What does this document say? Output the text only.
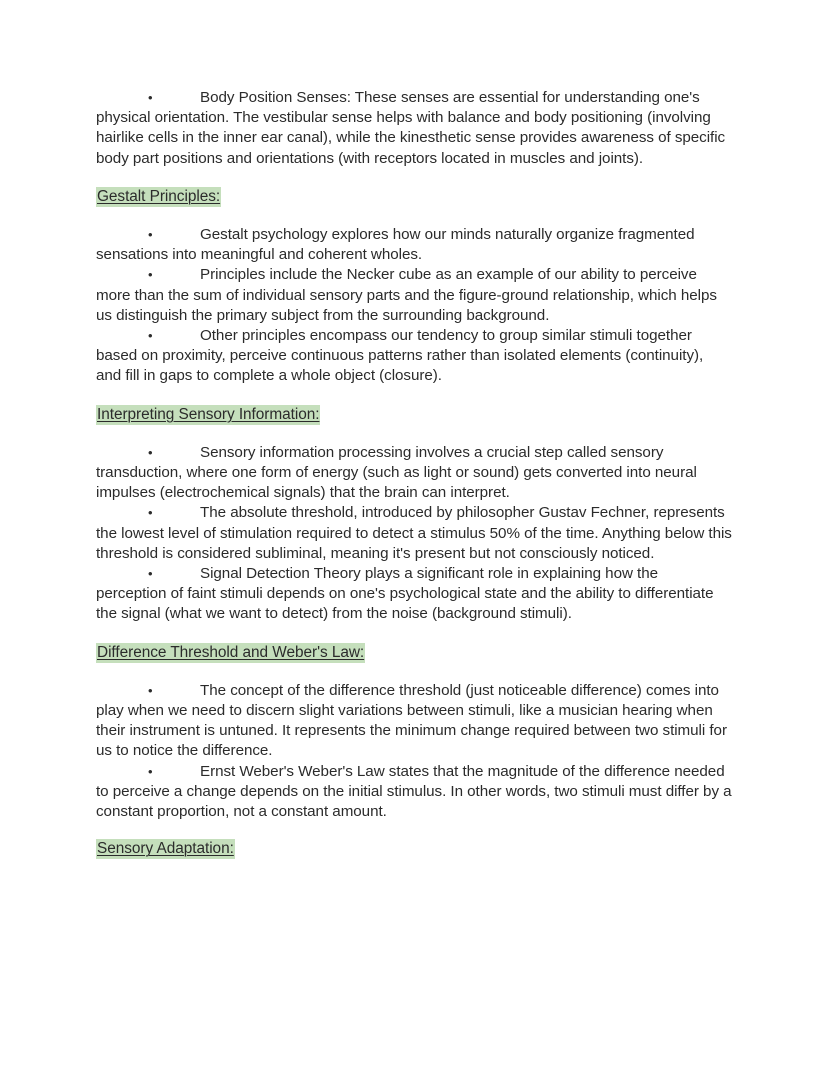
•	Body Position Senses: These senses are essential for understanding one's physical orientation. The vestibular sense helps with balance and body positioning (involving hairlike cells in the inner ear canal), while the kinesthetic sense provides awareness of specific body part positions and orientations (with receptors located in muscles and joints).

Gestalt Principles:

•	Gestalt psychology explores how our minds naturally organize fragmented sensations into meaningful and coherent wholes.

•	Principles include the Necker cube as an example of our ability to perceive more than the sum of individual sensory parts and the figure-ground relationship, which helps us distinguish the primary subject from the surrounding background.

•	Other principles encompass our tendency to group similar stimuli together based on proximity, perceive continuous patterns rather than isolated elements (continuity), and fill in gaps to complete a whole object (closure).

Interpreting Sensory Information:

•	Sensory information processing involves a crucial step called sensory transduction, where one form of energy (such as light or sound) gets converted into neural impulses (electrochemical signals) that the brain can interpret.

•	The absolute threshold, introduced by philosopher Gustav Fechner, represents the lowest level of stimulation required to detect a stimulus 50% of the time. Anything below this threshold is considered subliminal, meaning it's present but not consciously noticed.

•	Signal Detection Theory plays a significant role in explaining how the perception of faint stimuli depends on one's psychological state and the ability to differentiate the signal (what we want to detect) from the noise (background stimuli).

Difference Threshold and Weber's Law:

•	The concept of the difference threshold (just noticeable difference) comes into play when we need to discern slight variations between stimuli, like a musician hearing when their instrument is untuned. It represents the minimum change required between two stimuli for us to notice the difference.

•	Ernst Weber's Weber's Law states that the magnitude of the difference needed to perceive a change depends on the initial stimulus. In other words, two stimuli must differ by a constant proportion, not a constant amount.

Sensory Adaptation:
